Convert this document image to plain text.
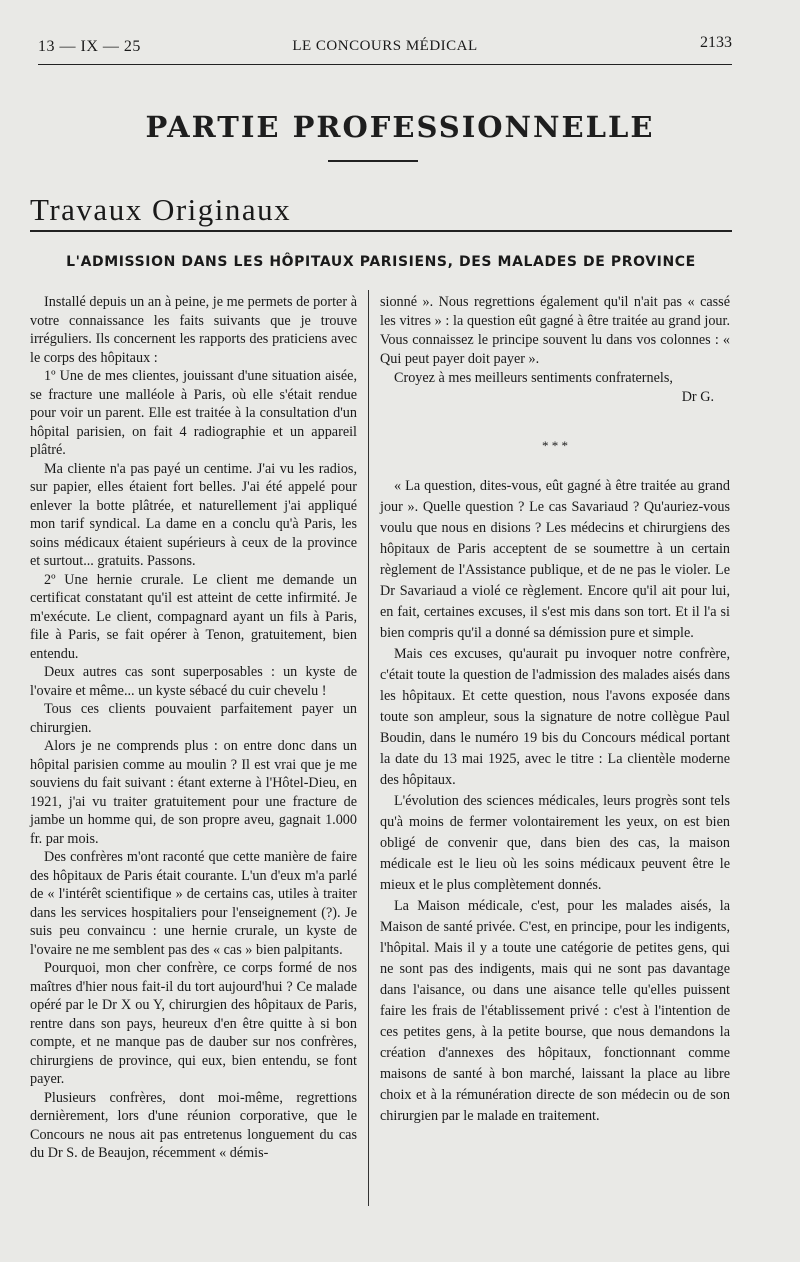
13 — IX — 25	LE CONCOURS MÉDICAL	2133
PARTIE PROFESSIONNELLE
Travaux Originaux
L'ADMISSION DANS LES HÔPITAUX PARISIENS, DES MALADES DE PROVINCE

Installé depuis un an à peine, je me permets de porter à votre connaissance les faits suivants que je trouve irréguliers. Ils concernent les rapports des praticiens avec le corps des hôpitaux :

1º Une de mes clientes, jouissant d'une situation aisée, se fracture une malléole à Paris, où elle s'était rendue pour voir un parent. Elle est traitée à la consultation d'un hôpital parisien, on fait 4 radiographie et un appareil plâtré.

Ma cliente n'a pas payé un centime. J'ai vu les radios, sur papier, elles étaient fort belles. J'ai été appelé pour enlever la botte plâtrée, et naturellement j'ai appliqué mon tarif syndical. La dame en a conclu qu'à Paris, les soins médicaux étaient supérieurs à ceux de la province et surtout... gratuits. Passons.

2º Une hernie crurale. Le client me demande un certificat constatant qu'il est atteint de cette infirmité. Je m'exécute. Le client, compagnard ayant un fils à Paris, file à Paris, se fait opérer à Tenon, gratuitement, bien entendu.

Deux autres cas sont superposables : un kyste de l'ovaire et même... un kyste sébacé du cuir chevelu !

Tous ces clients pouvaient parfaitement payer un chirurgien.

Alors je ne comprends plus : on entre donc dans un hôpital parisien comme au moulin ? Il est vrai que je me souviens du fait suivant : étant externe à l'Hôtel-Dieu, en 1921, j'ai vu traiter gratuitement pour une fracture de jambe un homme qui, de son propre aveu, gagnait 1.000 fr. par mois.

Des confrères m'ont raconté que cette manière de faire des hôpitaux de Paris était courante. L'un d'eux m'a parlé de « l'intérêt scientifique » de certains cas, utiles à traiter dans les services hospitaliers pour l'enseignement (?). Je suis peu convaincu : une hernie crurale, un kyste de l'ovaire ne me semblent pas des « cas » bien palpitants.

Pourquoi, mon cher confrère, ce corps formé de nos maîtres d'hier nous fait-il du tort aujourd'hui ? Ce malade opéré par le Dr X ou Y, chirurgien des hôpitaux de Paris, rentre dans son pays, heureux d'en être quitte à si bon compte, et ne manque pas de dauber sur nos confrères, chirurgiens de province, qui eux, bien entendu, se font payer.

Plusieurs confrères, dont moi-même, regrettions dernièrement, lors d'une réunion corporative, que le Concours ne nous ait pas entretenus longuement du cas du Dr S. de Beaujon, récemment « démis-

sionné ». Nous regrettions également qu'il n'ait pas « cassé les vitres » : la question eût gagné à être traitée au grand jour. Vous connaissez le principe souvent lu dans vos colonnes : « Qui peut payer doit payer ».

Croyez à mes meilleurs sentiments confraternels,

Dr G.

* * *

« La question, dites-vous, eût gagné à être traitée au grand jour ». Quelle question ? Le cas Savariaud ? Qu'auriez-vous voulu que nous en disions ? Les médecins et chirurgiens des hôpitaux de Paris acceptent de se soumettre à un certain règlement de l'Assistance publique, et de ne pas le violer. Le Dr Savariaud a violé ce règlement. Encore qu'il ait pour lui, en fait, certaines excuses, il s'est mis dans son tort. Et il l'a si bien compris qu'il a donné sa démission pure et simple.

Mais ces excuses, qu'aurait pu invoquer notre confrère, c'était toute la question de l'admission des malades aisés dans les hôpitaux. Et cette question, nous l'avons exposée dans toute son ampleur, sous la signature de notre collègue Paul Boudin, dans le numéro 19 bis du Concours médical portant la date du 13 mai 1925, avec le titre : La clientèle moderne des hôpitaux.

L'évolution des sciences médicales, leurs progrès sont tels qu'à moins de fermer volontairement les yeux, on est bien obligé de convenir que, dans bien des cas, la maison médicale est le lieu où les soins médicaux peuvent être le mieux et le plus complètement donnés.

La Maison médicale, c'est, pour les malades aisés, la Maison de santé privée. C'est, en principe, pour les indigents, l'hôpital. Mais il y a toute une catégorie de petites gens, qui ne sont pas des indigents, mais qui ne sont pas davantage dans l'aisance, ou dans une aisance telle qu'elles puissent faire les frais de l'établissement privé : c'est à l'intention de ces petites gens, à la petite bourse, que nous demandons la création d'annexes des hôpitaux, fonctionnant comme maisons de santé à bon marché, laissant la place au libre choix et à la rémunération directe de son médecin ou de son chirurgien par le malade en traitement.
